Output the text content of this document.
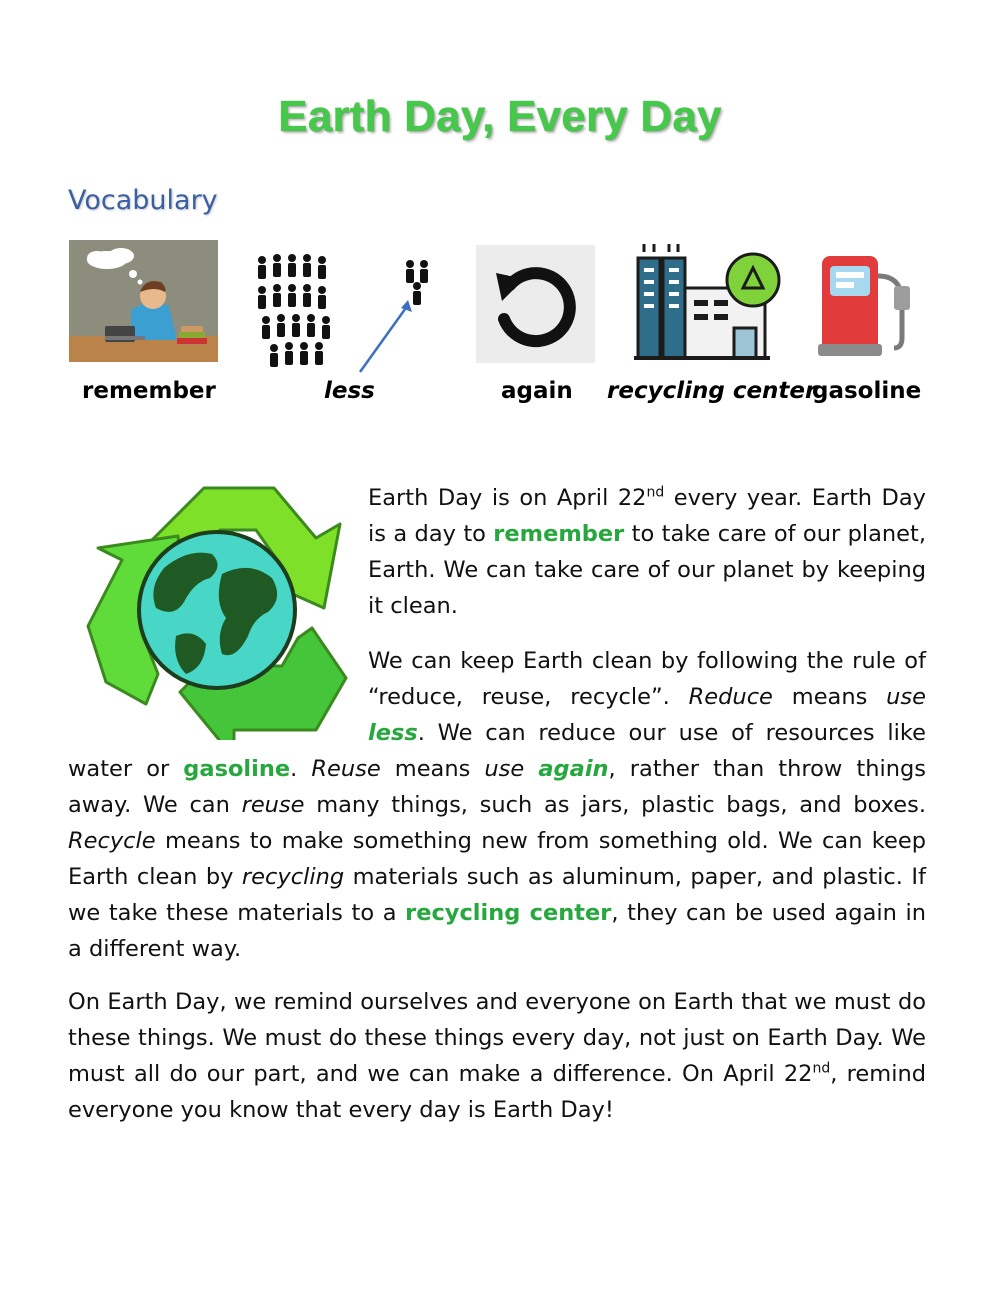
Earth Day, Every Day
Vocabulary
remember	less	again recycling center
gasoline

Earth Day is on April 22nd every year. Earth Day is a day to remember to take care of our planet, Earth. We can take care of our planet by keeping it clean.

We can keep Earth clean by following the rule of “reduce, reuse, recycle”. Reduce means use less. We can reduce our use of resources like water or gasoline. Reuse means use again, rather than throw things away. We can reuse many things, such as jars, plastic bags, and boxes. Recycle means to make something new from something old. We can keep Earth clean by recycling materials such as aluminum, paper, and plastic. If we take these materials to a recycling center, they can be used again in a different way.

On Earth Day, we remind ourselves and everyone on Earth that we must do these things. We must do these things every day, not just on Earth Day. We must all do our part, and we can make a difference. On April 22nd, remind everyone you know that every day is Earth Day!
